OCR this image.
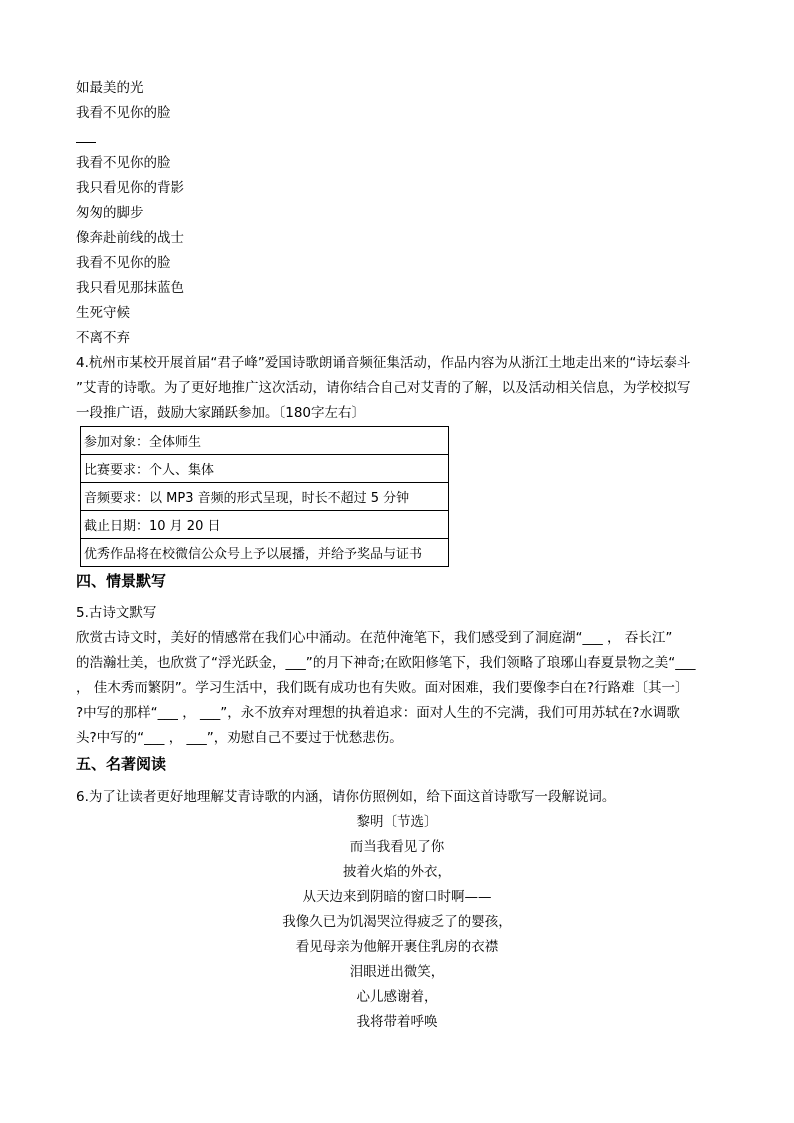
如最美的光
我看不见你的脸
我看不见你的脸
我只看见你的背影
匆匆的脚步
像奔赴前线的战士
我看不见你的脸
我只看见那抹蓝色
生死守候
不离不弃
4.杭州市某校开展首届“君子峰”爱国诗歌朗诵音频征集活动，作品内容为从浙江土地走出来的“诗坛泰斗
”艾青的诗歌。为了更好地推广这次活动，请你结合自己对艾青的了解，以及活动相关信息，为学校拟写
一段推广语，鼓励大家踊跃参加。〔180字左右〕
参加对象：全体师生
比赛要求：个人、集体
音频要求：以 MP3 音频的形式呈现，时长不超过 5 分钟
截止日期：10 月 20 日
优秀作品将在校微信公众号上予以展播，并给予奖品与证书
四、情景默写
5.古诗文默写
欣赏古诗文时，美好的情感常在我们心中涌动。在范仲淹笔下，我们感受到了洞庭湖“___ ， 吞长江”
的浩瀚壮美，也欣赏了“浮光跃金，___”的月下神奇;在欧阳修笔下，我们领略了琅琊山春夏景物之美“___
， 佳木秀而繁阴”。学习生活中，我们既有成功也有失败。面对困难，我们要像李白在?行路难〔其一〕
?中写的那样“___ ， ___”，永不放弃对理想的执着追求：面对人生的不完满，我们可用苏轼在?水调歌
头?中写的“___ ， ___”，劝慰自己不要过于忧愁悲伤。
五、名著阅读
6.为了让读者更好地理解艾青诗歌的内涵，请你仿照例如，给下面这首诗歌写一段解说词。
黎明〔节选〕
而当我看见了你
披着火焰的外衣，
从天边来到阴暗的窗口时啊——
我像久已为饥渴哭泣得疲乏了的婴孩，
看见母亲为他解开裹住乳房的衣襟
泪眼迸出微笑，
心儿感谢着，
我将带着呼唤
